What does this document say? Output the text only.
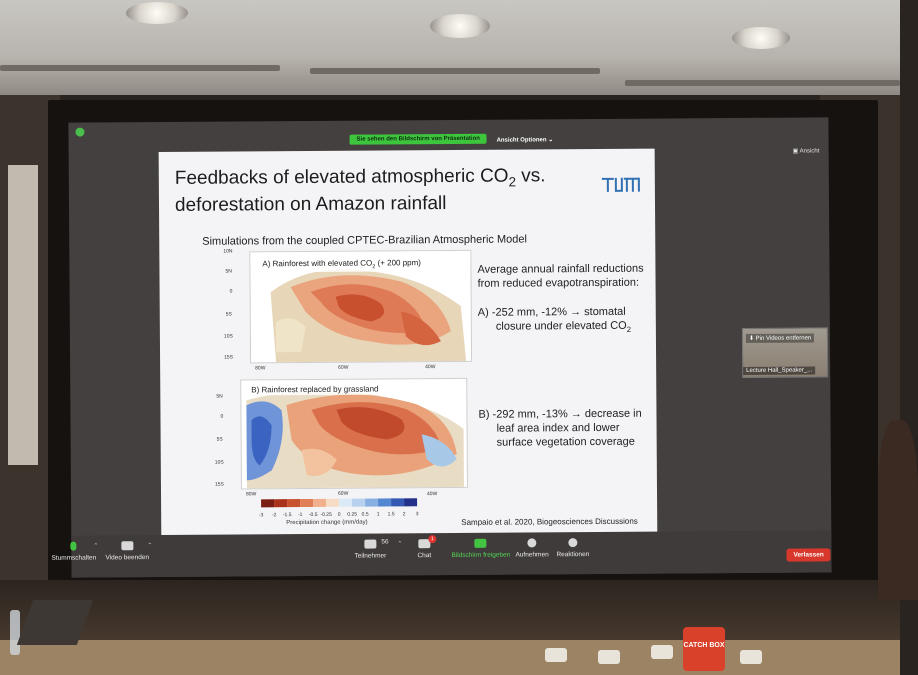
Sie sehen den Bildschirm von Präsentation	Ansicht Optionen ⌄
▣ Ansicht
Feedbacks of elevated atmospheric $CO_2$ vs.
deforestation on Amazon rainfall
Simulations from the coupled CPTEC-Brazilian Atmospheric Model
A) Rainforest with elevated $CO_2$ (+ 200 ppm)
10N
5N
0
5S
10S
15S
80W	60W	40W
B) Rainforest replaced by grassland
5N
0
5S
10S
15S
80W	60W	40W
-3 -2 -1.5 -1 -0.5 -0.25 0 0.25 0.5 1 1.5 2 3
Precipitation change (mm/day)
Average annual rainfall reductions
from reduced evapotranspiration:
A) -252 mm, -12% → stomatal
closure under elevated $CO_2$
B) -292 mm, -13% → decrease in
leaf area index and lower
surface vegetation coverage
Sampaio et al. 2020, Biogeosciences Discussions
⬇ Pin Videos entfernen
Lecture Hall_Speaker_...
Stummschalten
⌃
Video beenden
⌃
Teilnehmer
56 ⌃
Chat
1
Bildschirm freigeben Aufnehmen Reaktionen	Verlassen
CATCH BOX
